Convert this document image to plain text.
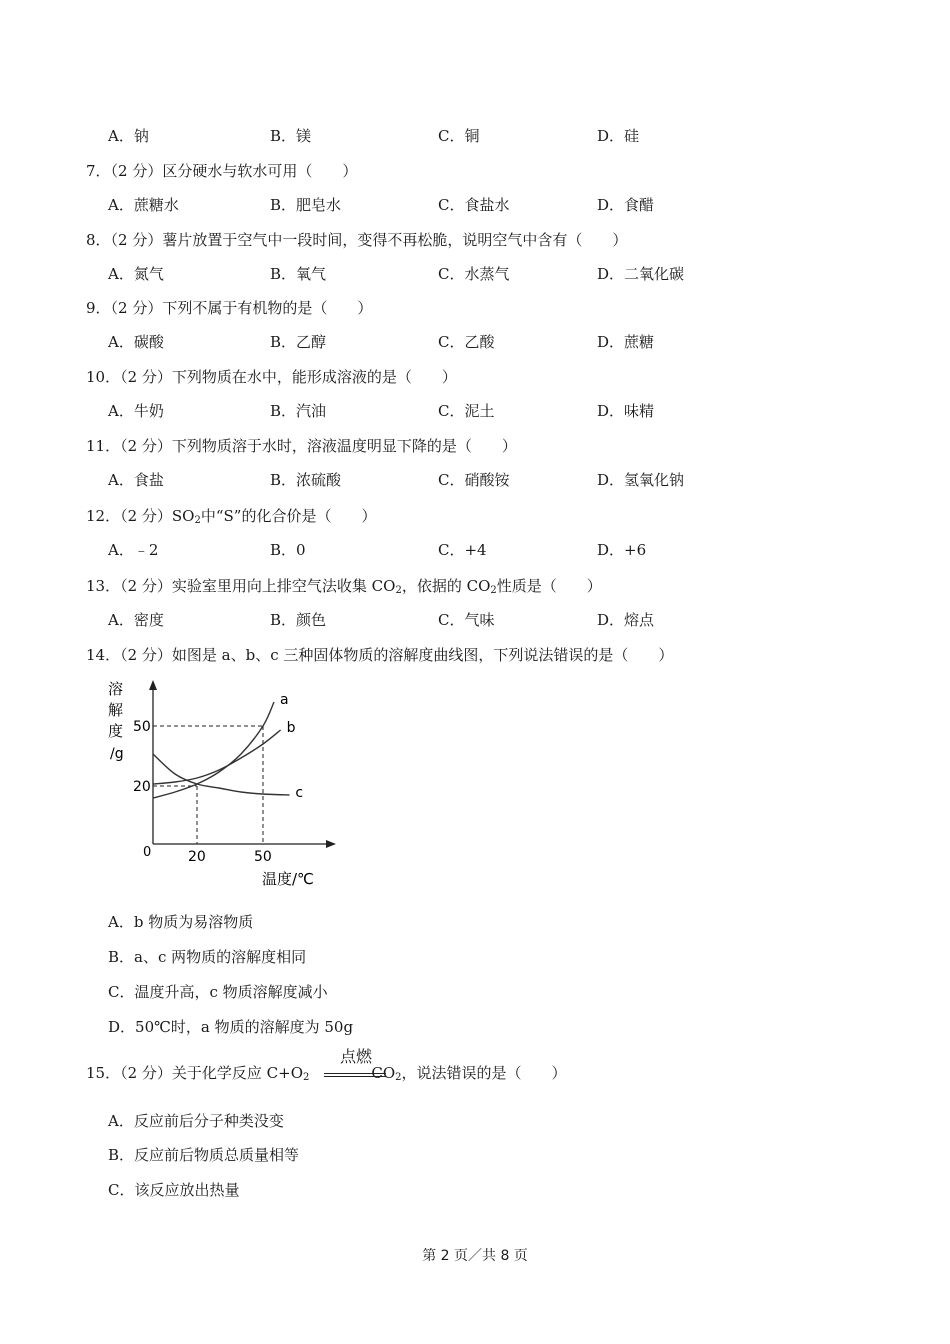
A．钠	B．镁	C．铜	D．硅
7．（2 分）区分硬水与软水可用（　　）
A．蔗糖水	B．肥皂水	C．食盐水	D．食醋
8．（2 分）薯片放置于空气中一段时间，变得不再松脆，说明空气中含有（　　）
A．氮气	B．氧气	C．水蒸气	D．二氧化碳
9．（2 分）下列不属于有机物的是（　　）
A．碳酸	B．乙醇	C．乙酸	D．蔗糖
10．（2 分）下列物质在水中，能形成溶液的是（　　）
A．牛奶	B．汽油	C．泥土	D．味精
11．（2 分）下列物质溶于水时，溶液温度明显下降的是（　　）
A．食盐	B．浓硫酸	C．硝酸铵	D．氢氧化钠
12．（2 分）$SO_2$中“S”的化合价是（　　）
A．﹣2	B．0	C．+4	D．+6
13．（2 分）实验室里用向上排空气法收集 $CO_2$，依据的 $CO_2$性质是（　　）
A．密度	B．颜色	C．气味	D．熔点
14．（2 分）如图是 a、b、c 三种固体物质的溶解度曲线图，下列说法错误的是（　　）
溶
解
度
/g
0	20	50
20
50
a
b
c
温度/℃
A．b 物质为易溶物质
B．a、c 两物质的溶解度相同
C．温度升高，c 物质溶解度减小
D．50℃时，a 物质的溶解度为 50g
15．（2 分）关于化学反应 $C+O_2$	$CO_2$，说法错误的是（　　）
点燃
A．反应前后分子种类没变
B．反应前后物质总质量相等
C．该反应放出热量
第 2 页／共 8 页
